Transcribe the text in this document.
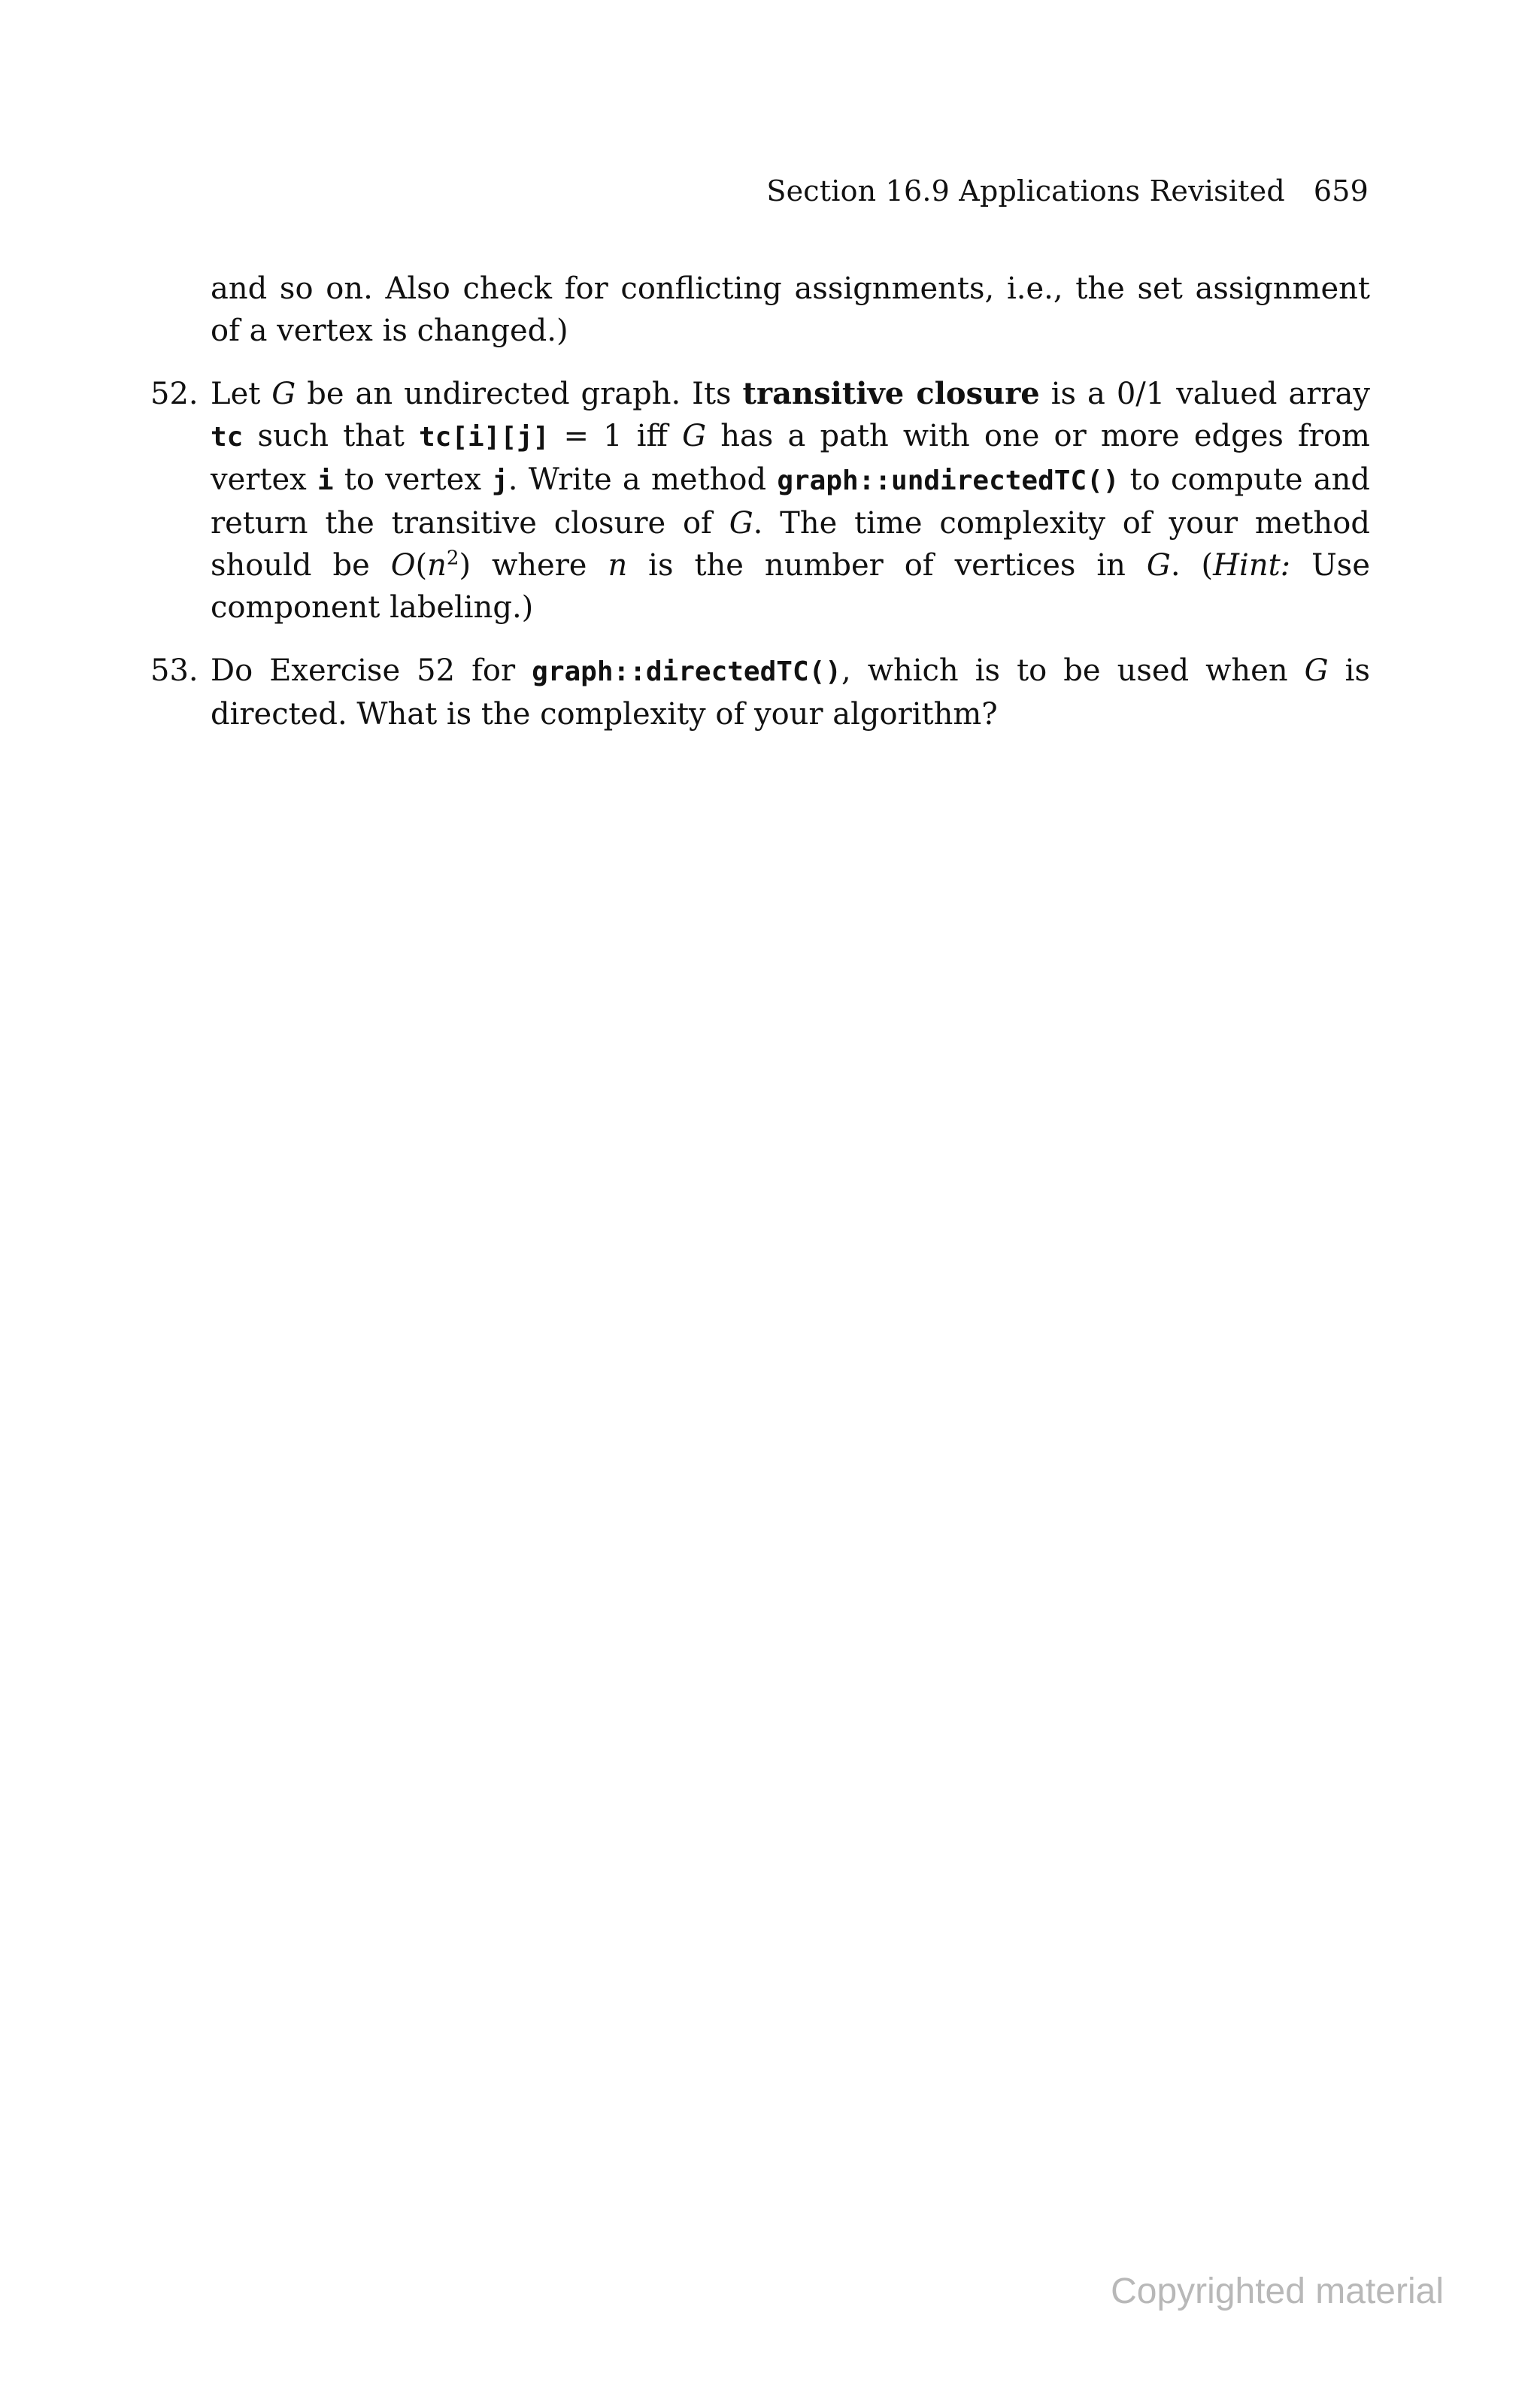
Section 16.9 Applications Revisited 659

and so on. Also check for conflicting assignments, i.e., the set assignment of a vertex is changed.)

52. Let G be an undirected graph. Its transitive closure is a 0/1 valued array tc such that tc[i][j] = 1 iff G has a path with one or more edges from vertex i to vertex j. Write a method graph::undirectedTC() to compute and return the transitive closure of G. The time complexity of your method should be $O(n^2)$ where n is the number of vertices in G. (Hint: Use component labeling.)

53. Do Exercise 52 for graph::directedTC(), which is to be used when G is directed. What is the complexity of your algorithm?

Copyrighted material
